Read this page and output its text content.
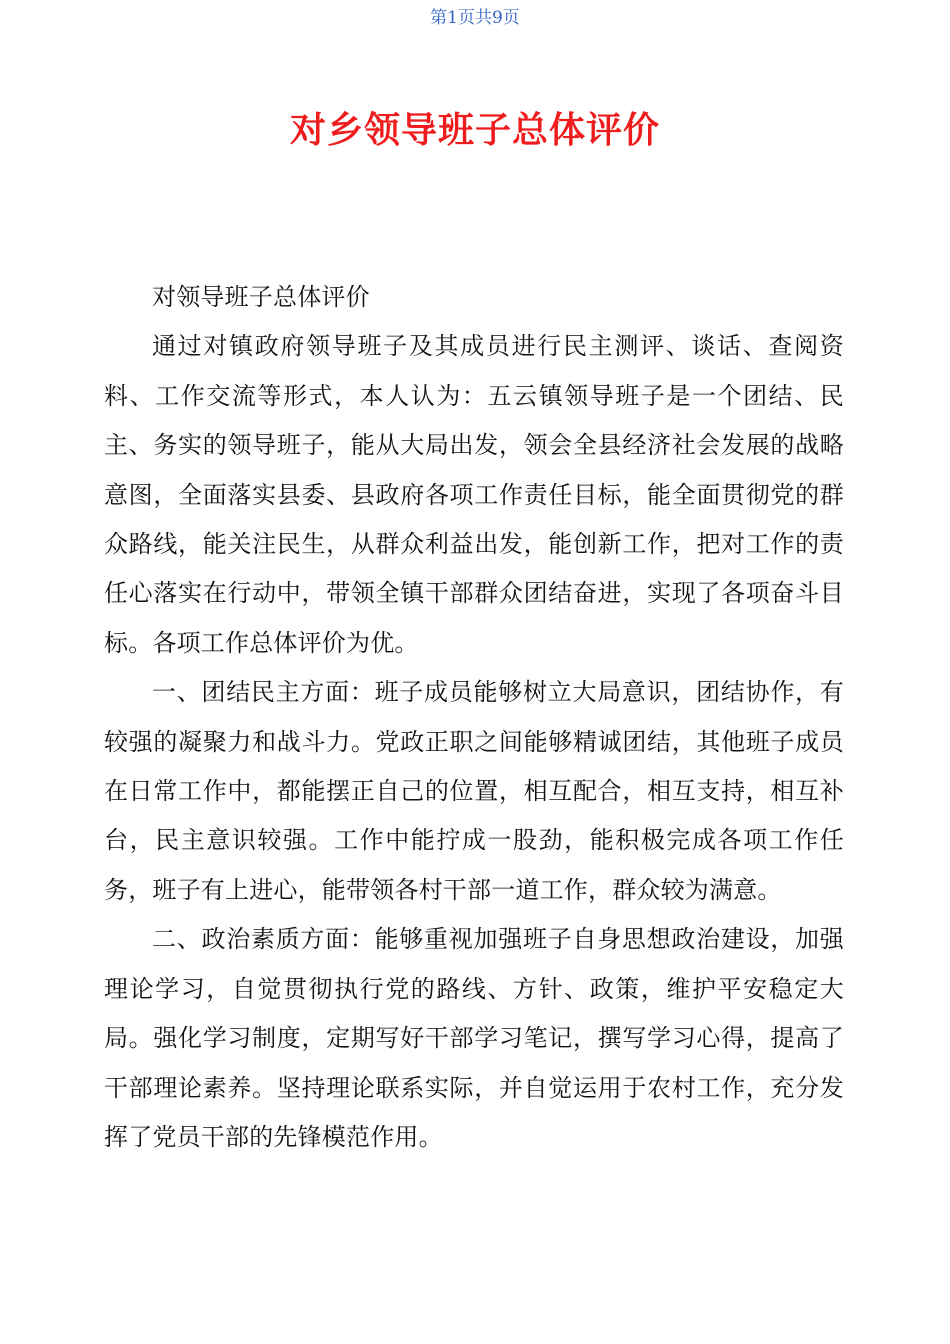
第1页共9页
对乡领导班子总体评价

对领导班子总体评价

通过对镇政府领导班子及其成员进行民主测评、谈话、查阅资料、工作交流等形式，本人认为：五云镇领导班子是一个团结、民主、务实的领导班子，能从大局出发，领会全县经济社会发展的战略意图，全面落实县委、县政府各项工作责任目标，能全面贯彻党的群众路线，能关注民生，从群众利益出发，能创新工作，把对工作的责任心落实在行动中，带领全镇干部群众团结奋进，实现了各项奋斗目标。各项工作总体评价为优。

一、团结民主方面：班子成员能够树立大局意识，团结协作，有较强的凝聚力和战斗力。党政正职之间能够精诚团结，其他班子成员在日常工作中，都能摆正自己的位置，相互配合，相互支持，相互补台，民主意识较强。工作中能拧成一股劲，能积极完成各项工作任务，班子有上进心，能带领各村干部一道工作，群众较为满意。

二、政治素质方面：能够重视加强班子自身思想政治建设，加强理论学习，自觉贯彻执行党的路线、方针、政策，维护平安稳定大局。强化学习制度，定期写好干部学习笔记，撰写学习心得，提高了干部理论素养。坚持理论联系实际，并自觉运用于农村工作，充分发挥了党员干部的先锋模范作用。
